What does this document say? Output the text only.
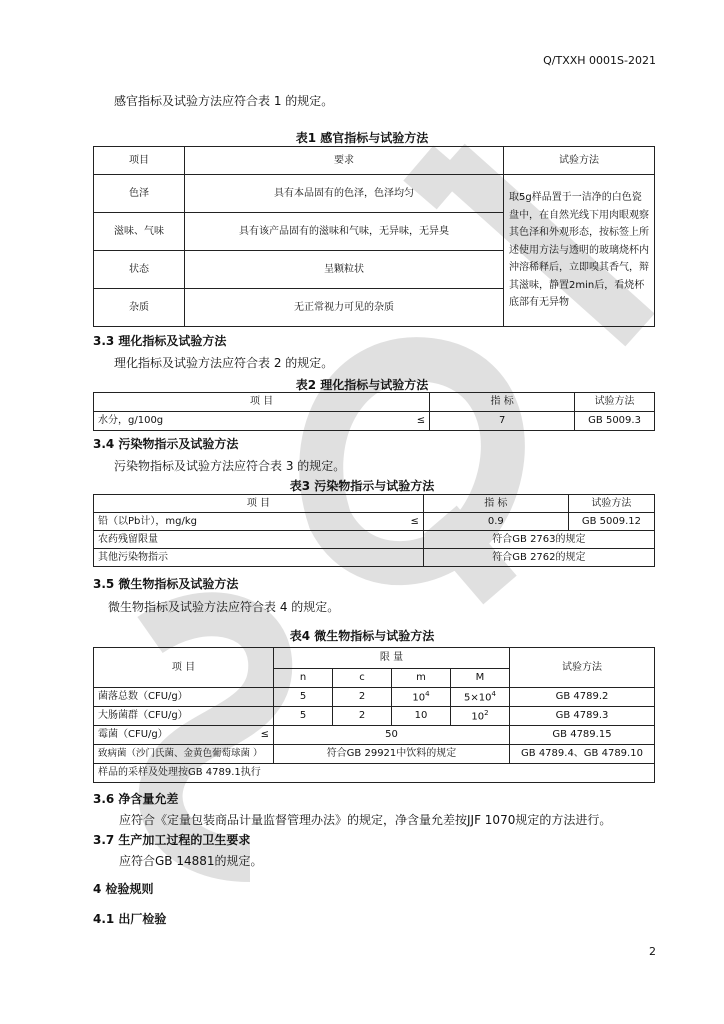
Q/TXXH 0001S-2021
感官指标及试验方法应符合表 1 的规定。
表1 感官指标与试验方法
项目	要求	试验方法
色泽	具有本品固有的色泽，色泽均匀	取5g样品置于一洁净的白色瓷盘中，在自然光线下用肉眼观察其色泽和外观形态，按标签上所述使用方法与透明的玻璃烧杯内沖溶稀释后，立即嗅其香气，辩其滋味，静置2min后，看烧杯底部有无异物
滋味、气味	具有该产品固有的滋味和气味，无异味，无异臭	
状态	呈颗粒状	
杂质	无正常视力可见的杂质	
3.3 理化指标及试验方法
理化指标及试验方法应符合表 2 的规定。
表2 理化指标与试验方法
项 目		指 标	试验方法
水分，g/100g	≤	7	GB 5009.3
3.4 污染物指示及试验方法
污染物指标及试验方法应符合表 3 的规定。
表3 污染物指示与试验方法
项 目		指 标	试验方法
铅（以Pb计），mg/kg	≤	0.9	GB 5009.12
农药残留限量		符合GB 2763的规定	
其他污染物指示		符合GB 2762的规定	
3.5 微生物指标及试验方法
微生物指标及试验方法应符合表 4 的规定。
表4 微生物指标与试验方法
项 目		限 量				试验方法
		n	c	m	M	
菌落总数（CFU/g）		5	2	$10^4$	$5\times 10^4$	GB 4789.2
大肠菌群（CFU/g）		5	2	10	$10^2$	GB 4789.3
霉菌（CFU/g）	≤	50				GB 4789.15
致病菌（沙门氏菌、金黄色葡萄球菌 ）		符合GB 29921中饮料的规定				GB 4789.4、GB 4789.10
样品的采样及处理按GB 4789.1执行						
3.6 净含量允差
应符合《定量包装商品计量监督管理办法》的规定，净含量允差按JJF 1070规定的方法进行。
3.7 生产加工过程的卫生要求
应符合GB 14881的规定。
4 检验规则
4.1 出厂检验
2
